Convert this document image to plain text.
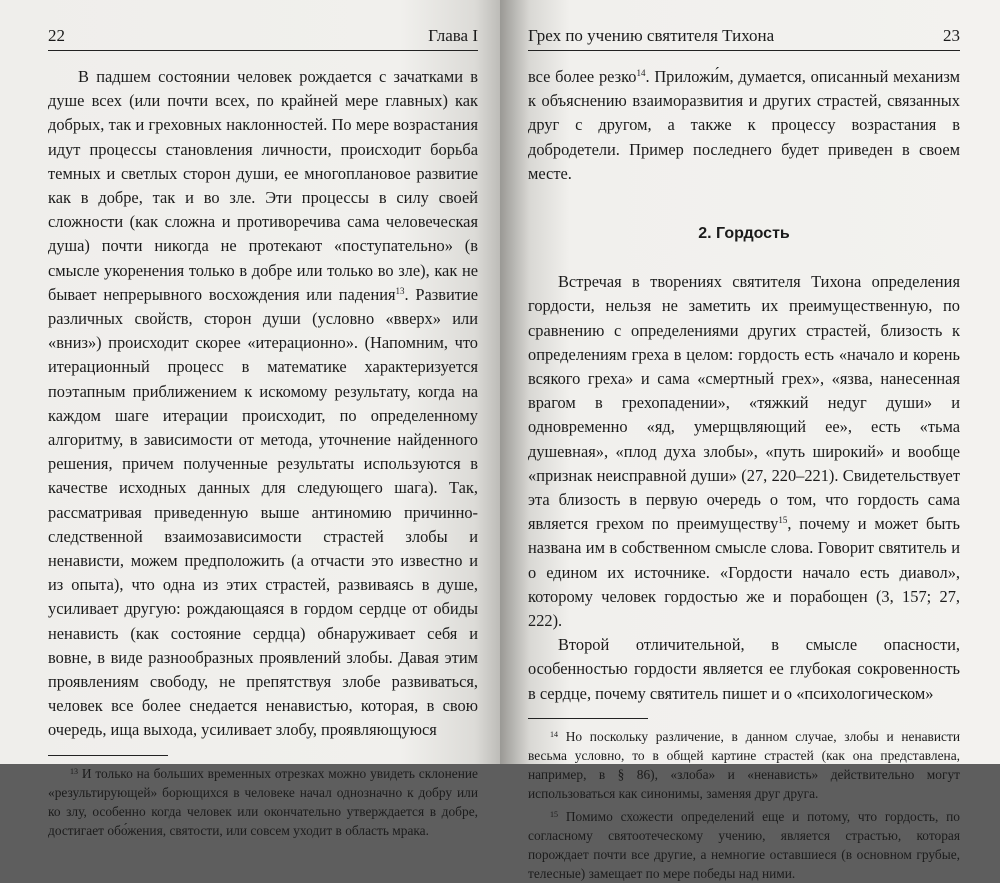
22	Глава I

В падшем состоянии человек рождается с зачатками в душе всех (или почти всех, по крайней мере главных) как добрых, так и греховных наклонностей. По мере возрастания идут процессы становления личности, происходит борьба темных и светлых сторон души, ее многоплановое развитие как в добре, так и во зле. Эти процессы в силу своей сложности (как сложна и противоречива сама человеческая душа) почти никогда не протекают «поступательно» (в смысле укоренения только в добре или только во зле), как не бывает непрерывного восхождения или падения$^{13}$. Развитие различных свойств, сторон души (условно «вверх» или «вниз») происходит скорее «итерационно». (Напомним, что итерационный процесс в математике характеризуется поэтапным приближением к искомому результату, когда на каждом шаге итерации происходит, по определенному алгоритму, в зависимости от метода, уточнение найденного решения, причем полученные результаты используются в качестве исходных данных для следующего шага). Так, рассматривая приведенную выше антиномию причинно-следственной взаимозависимости страстей злобы и ненависти, можем предположить (а отчасти это известно и из опыта), что одна из этих страстей, развиваясь в душе, усиливает другую: рождающаяся в гордом сердце от обиды ненависть (как состояние сердца) обнаруживает себя и вовне, в виде разнообразных проявлений злобы. Давая этим проявлениям свободу, не препятствуя злобе развиваться, человек все более снедается ненавистью, которая, в свою очередь, ища выхода, усиливает злобу, проявляющуюся

$^{13}$ И только на больших временных отрезках можно увидеть склонение «результирующей» борющихся в человеке начал однозначно к добру или ко злу, особенно когда человек или окончательно утверждается в добре, достигает обо́жения, святости, или совсем уходит в область мрака.

Грех по учению святителя Тихона	23

все более резко$^{14}$. Приложи́м, думается, описанный механизм к объяснению взаиморазвития и других страстей, связанных друг с другом, а также к процессу возрастания в добродетели. Пример последнего будет приведен в своем месте.

2. Гордость

Встречая в творениях святителя Тихона определения гордости, нельзя не заметить их преимущественную, по сравнению с определениями других страстей, близость к определениям греха в целом: гордость есть «начало и корень всякого греха» и сама «смертный грех», «язва, нанесенная врагом в грехопадении», «тяжкий недуг души» и одновременно «яд, умерщвляющий ее», есть «тьма душевная», «плод духа злобы», «путь широкий» и вообще «признак неисправной души» (27, 220–221). Свидетельствует эта близость в первую очередь о том, что гордость сама является грехом по преимуществу$^{15}$, почему и может быть названа им в собственном смысле слова. Говорит святитель и о едином их источнике. «Гордости начало есть диавол», которому человек гордостью же и порабощен (3, 157; 27, 222).

Второй отличительной, в смысле опасности, особенностью гордости является ее глубокая сокровенность в сердце, почему святитель пишет и о «психологическом»

$^{14}$ Но поскольку различение, в данном случае, злобы и ненависти весьма условно, то в общей картине страстей (как она представлена, например, в § 86), «злоба» и «ненависть» действительно могут использоваться как синонимы, заменяя друг друга.

$^{15}$ Помимо схожести определений еще и потому, что гордость, по согласному святоотеческому учению, является страстью, которая порождает почти все другие, а немногие оставшиеся (в основном грубые, телесные) замещает по мере победы над ними.
